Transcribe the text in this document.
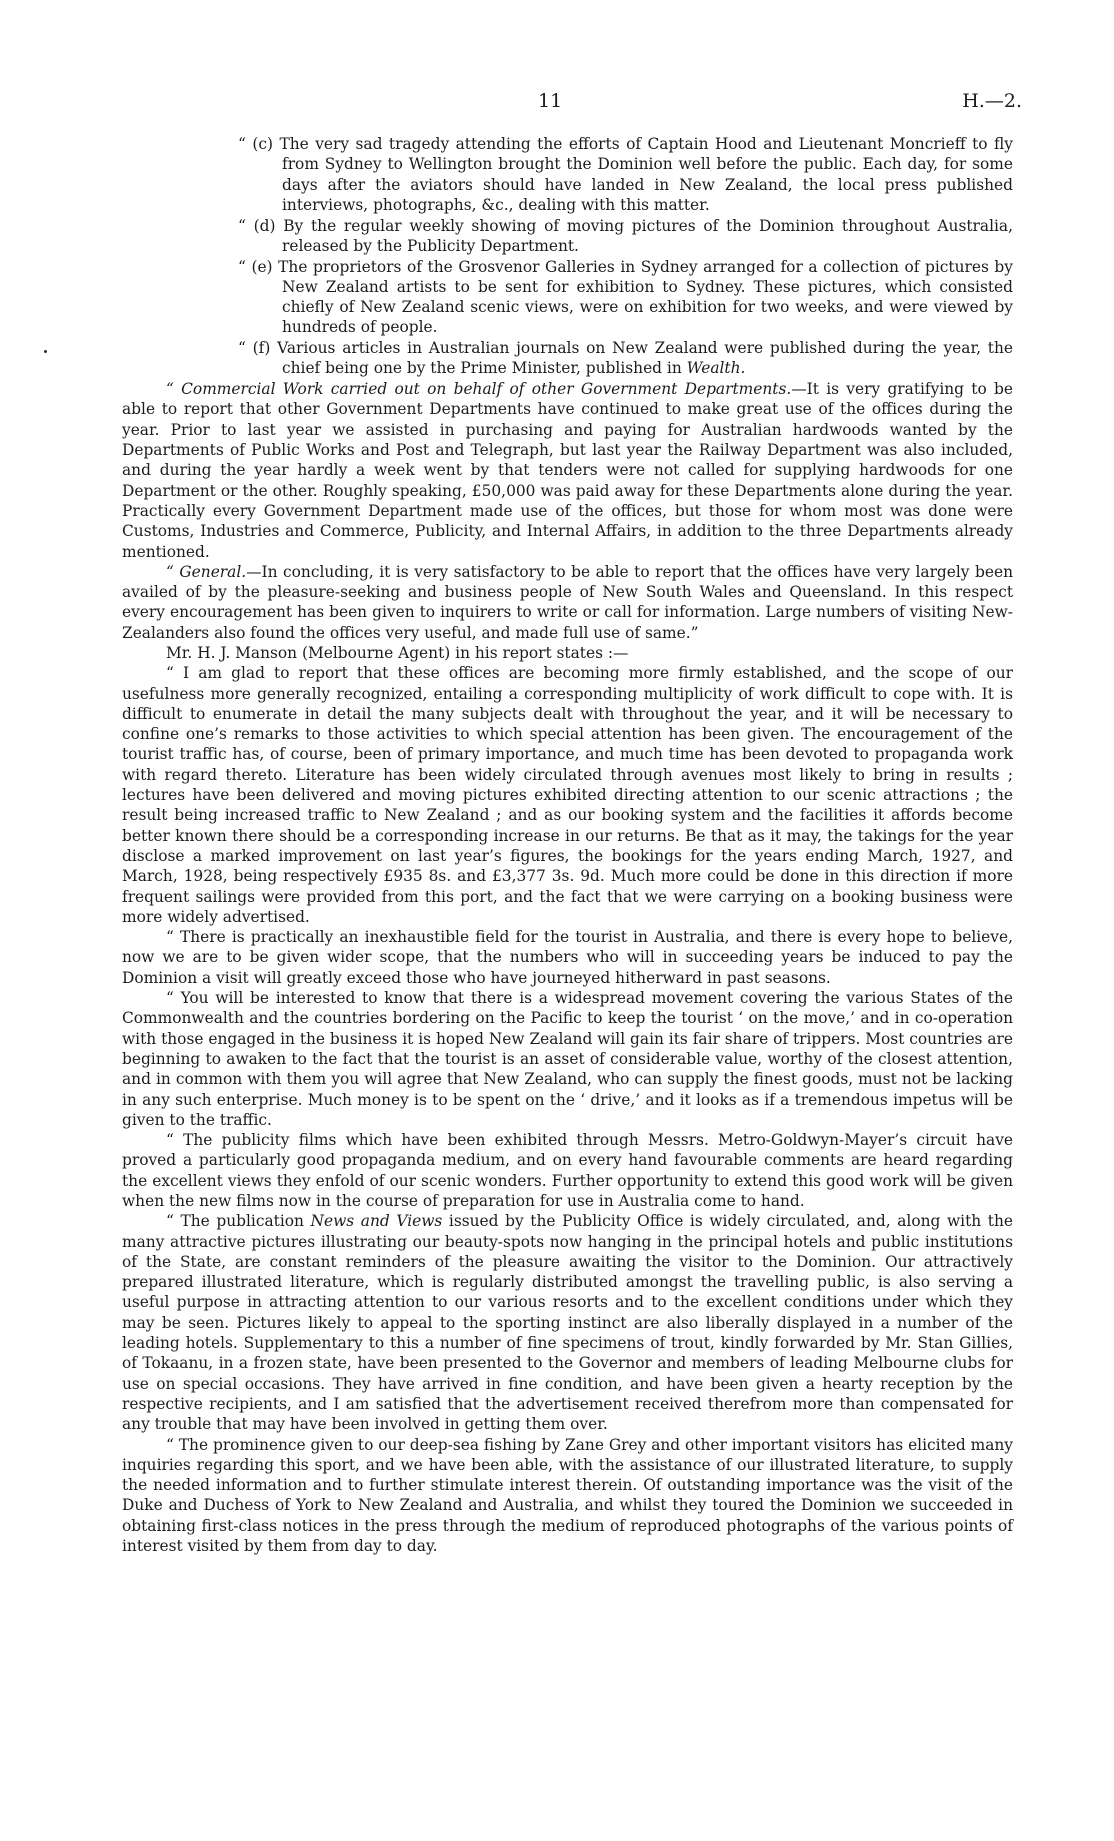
11	H.—2.

“ (c) The very sad tragedy attending the efforts of Captain Hood and Lieutenant Moncrieff to fly from Sydney to Wellington brought the Dominion well before the public. Each day, for some days after the aviators should have landed in New Zealand, the local press published interviews, photographs, &c., dealing with this matter.

“ (d) By the regular weekly showing of moving pictures of the Dominion throughout Australia, released by the Publicity Department.

“ (e) The proprietors of the Grosvenor Galleries in Sydney arranged for a collection of pictures by New Zealand artists to be sent for exhibition to Sydney. These pictures, which consisted chiefly of New Zealand scenic views, were on exhibition for two weeks, and were viewed by hundreds of people.

“ (f) Various articles in Australian journals on New Zealand were published during the year, the chief being one by the Prime Minister, published in Wealth.

“ Commercial Work carried out on behalf of other Government Departments.—It is very gratifying to be able to report that other Government Departments have continued to make great use of the offices during the year. Prior to last year we assisted in purchasing and paying for Australian hardwoods wanted by the Departments of Public Works and Post and Telegraph, but last year the Railway Department was also included, and during the year hardly a week went by that tenders were not called for supplying hardwoods for one Department or the other. Roughly speaking, £50,000 was paid away for these Departments alone during the year. Practically every Government Department made use of the offices, but those for whom most was done were Customs, Industries and Commerce, Publicity, and Internal Affairs, in addition to the three Departments already mentioned.

“ General.—In concluding, it is very satisfactory to be able to report that the offices have very largely been availed of by the pleasure-seeking and business people of New South Wales and Queensland. In this respect every encouragement has been given to inquirers to write or call for information. Large numbers of visiting New-Zealanders also found the offices very useful, and made full use of same.”

Mr. H. J. Manson (Melbourne Agent) in his report states :—

“ I am glad to report that these offices are becoming more firmly established, and the scope of our usefulness more generally recognized, entailing a corresponding multiplicity of work difficult to cope with. It is difficult to enumerate in detail the many subjects dealt with throughout the year, and it will be necessary to confine one’s remarks to those activities to which special attention has been given. The encouragement of the tourist traffic has, of course, been of primary importance, and much time has been devoted to propaganda work with regard thereto. Literature has been widely circulated through avenues most likely to bring in results ; lectures have been delivered and moving pictures exhibited directing attention to our scenic attractions ; the result being increased traffic to New Zealand ; and as our booking system and the facilities it affords become better known there should be a corresponding increase in our returns. Be that as it may, the takings for the year disclose a marked improvement on last year’s figures, the bookings for the years ending March, 1927, and March, 1928, being respectively £935 8s. and £3,377 3s. 9d. Much more could be done in this direction if more frequent sailings were provided from this port, and the fact that we were carrying on a booking business were more widely advertised.

“ There is practically an inexhaustible field for the tourist in Australia, and there is every hope to believe, now we are to be given wider scope, that the numbers who will in succeeding years be induced to pay the Dominion a visit will greatly exceed those who have journeyed hitherward in past seasons.

“ You will be interested to know that there is a widespread movement covering the various States of the Commonwealth and the countries bordering on the Pacific to keep the tourist ‘ on the move,’ and in co-operation with those engaged in the business it is hoped New Zealand will gain its fair share of trippers. Most countries are beginning to awaken to the fact that the tourist is an asset of considerable value, worthy of the closest attention, and in common with them you will agree that New Zealand, who can supply the finest goods, must not be lacking in any such enterprise. Much money is to be spent on the ‘ drive,’ and it looks as if a tremendous impetus will be given to the traffic.

“ The publicity films which have been exhibited through Messrs. Metro-Goldwyn-Mayer’s circuit have proved a particularly good propaganda medium, and on every hand favourable comments are heard regarding the excellent views they enfold of our scenic wonders. Further opportunity to extend this good work will be given when the new films now in the course of preparation for use in Australia come to hand.

“ The publication News and Views issued by the Publicity Office is widely circulated, and, along with the many attractive pictures illustrating our beauty-spots now hanging in the principal hotels and public institutions of the State, are constant reminders of the pleasure awaiting the visitor to the Dominion. Our attractively prepared illustrated literature, which is regularly distributed amongst the travelling public, is also serving a useful purpose in attracting attention to our various resorts and to the excellent conditions under which they may be seen. Pictures likely to appeal to the sporting instinct are also liberally displayed in a number of the leading hotels. Supplementary to this a number of fine specimens of trout, kindly forwarded by Mr. Stan Gillies, of Tokaanu, in a frozen state, have been presented to the Governor and members of leading Melbourne clubs for use on special occasions. They have arrived in fine condition, and have been given a hearty reception by the respective recipients, and I am satisfied that the advertisement received therefrom more than compensated for any trouble that may have been involved in getting them over.

“ The prominence given to our deep-sea fishing by Zane Grey and other important visitors has elicited many inquiries regarding this sport, and we have been able, with the assistance of our illustrated literature, to supply the needed information and to further stimulate interest therein. Of outstanding importance was the visit of the Duke and Duchess of York to New Zealand and Australia, and whilst they toured the Dominion we succeeded in obtaining first-class notices in the press through the medium of reproduced photographs of the various points of interest visited by them from day to day.
